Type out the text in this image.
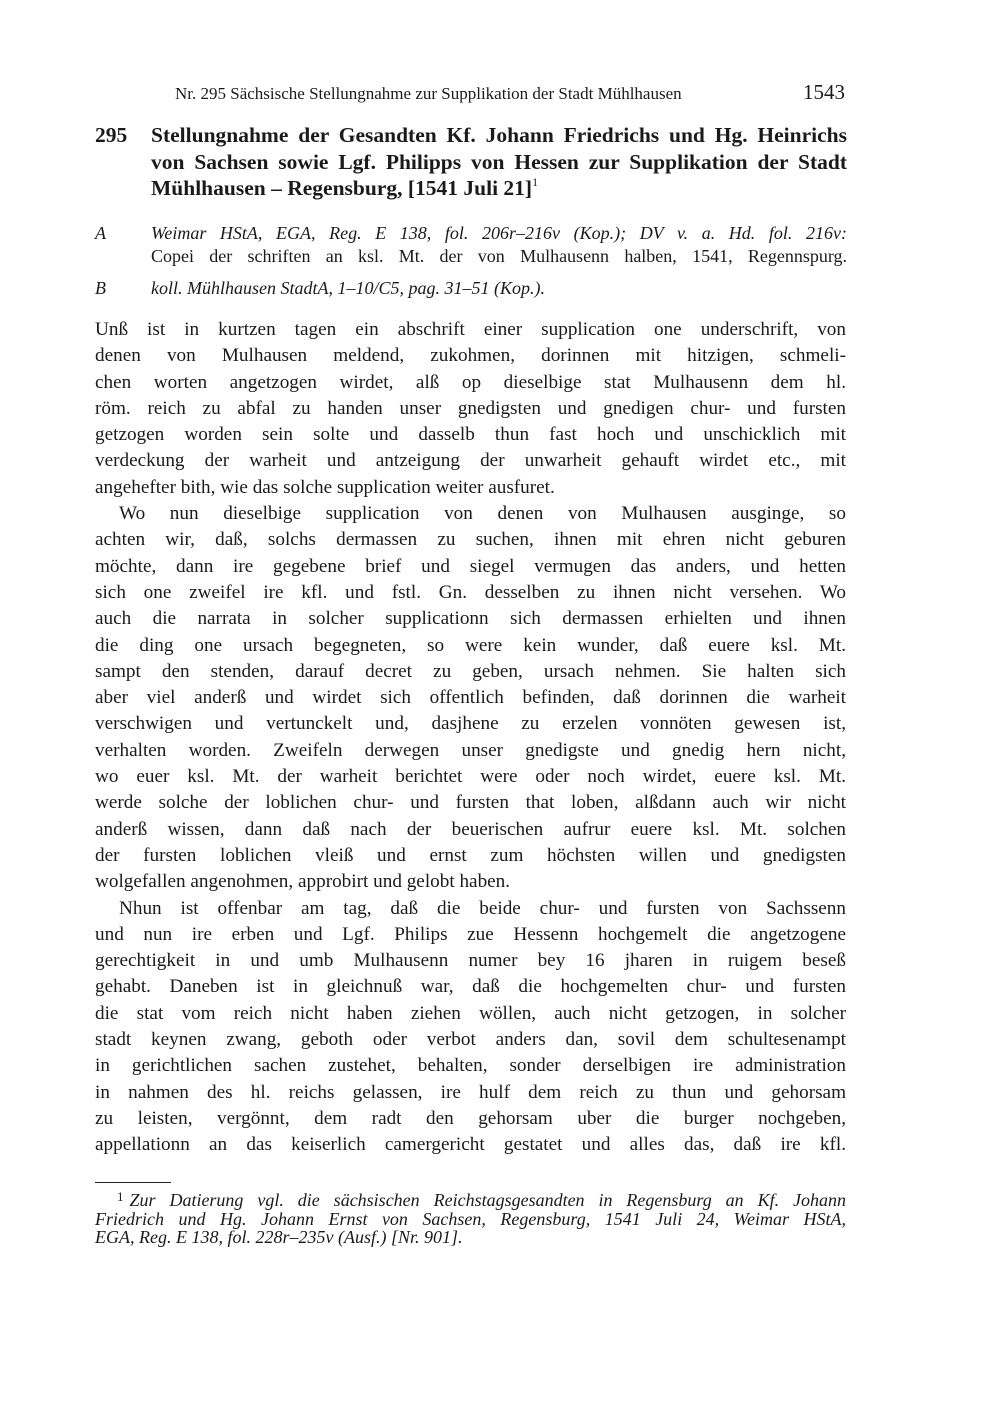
Nr. 295 Sächsische Stellungnahme zur Supplikation der Stadt Mühlhausen	1543
295 Stellungnahme der Gesandten Kf. Johann Friedrichs und Hg. Heinrichs
von Sachsen sowie Lgf. Philipps von Hessen zur Supplikation der Stadt
Mühlhausen – Regensburg, [1541 Juli 21]$^1$
A	Weimar HStA, EGA, Reg. E 138, fol. 206r–216v (Kop.); DV v. a. Hd. fol. 216v:
Copei der schriften an ksl. Mt. der von Mulhausenn halben, 1541, Regennspurg.
B	koll. Mühlhausen StadtA, 1–10/C5, pag. 31–51 (Kop.).
Unß ist in kurtzen tagen ein abschrift einer supplication one underschrift, von
denen von Mulhausen meldend, zukohmen, dorinnen mit hitzigen, schmeli-
chen worten angetzogen wirdet, alß op dieselbige stat Mulhausenn dem hl.
röm. reich zu abfal zu handen unser gnedigsten und gnedigen chur- und fursten
getzogen worden sein solte und dasselb thun fast hoch und unschicklich mit
verdeckung der warheit und antzeigung der unwarheit gehauft wirdet etc., mit
angehefter bith, wie das solche supplication weiter ausfuret.
Wo nun dieselbige supplication von denen von Mulhausen ausginge, so
achten wir, daß, solchs dermassen zu suchen, ihnen mit ehren nicht geburen
möchte, dann ire gegebene brief und siegel vermugen das anders, und hetten
sich one zweifel ire kfl. und fstl. Gn. desselben zu ihnen nicht versehen. Wo
auch die narrata in solcher supplicationn sich dermassen erhielten und ihnen
die ding one ursach begegneten, so were kein wunder, daß euere ksl. Mt.
sampt den stenden, darauf decret zu geben, ursach nehmen. Sie halten sich
aber viel anderß und wirdet sich offentlich befinden, daß dorinnen die warheit
verschwigen und vertunckelt und, dasjhene zu erzelen vonnöten gewesen ist,
verhalten worden. Zweifeln derwegen unser gnedigste und gnedig hern nicht,
wo euer ksl. Mt. der warheit berichtet were oder noch wirdet, euere ksl. Mt.
werde solche der loblichen chur- und fursten that loben, alßdann auch wir nicht
anderß wissen, dann daß nach der beuerischen aufrur euere ksl. Mt. solchen
der fursten loblichen vleiß und ernst zum höchsten willen und gnedigsten
wolgefallen angenohmen, approbirt und gelobt haben.
Nhun ist offenbar am tag, daß die beide chur- und fursten von Sachssenn
und nun ire erben und Lgf. Philips zue Hessenn hochgemelt die angetzogene
gerechtigkeit in und umb Mulhausenn numer bey 16 jharen in ruigem beseß
gehabt. Daneben ist in gleichnuß war, daß die hochgemelten chur- und fursten
die stat vom reich nicht haben ziehen wöllen, auch nicht getzogen, in solcher
stadt keynen zwang, geboth oder verbot anders dan, sovil dem schultesenampt
in gerichtlichen sachen zustehet, behalten, sonder derselbigen ire administration
in nahmen des hl. reichs gelassen, ire hulf dem reich zu thun und gehorsam
zu leisten, vergönnt, dem radt den gehorsam uber die burger nochgeben,
appellationn an das keiserlich camergericht gestatet und alles das, daß ire kfl.
$^1$ Zur Datierung vgl. die sächsischen Reichstagsgesandten in Regensburg an Kf. Johann
Friedrich und Hg. Johann Ernst von Sachsen, Regensburg, 1541 Juli 24, Weimar HStA,
EGA, Reg. E 138, fol. 228r–235v (Ausf.) [Nr. 901].
